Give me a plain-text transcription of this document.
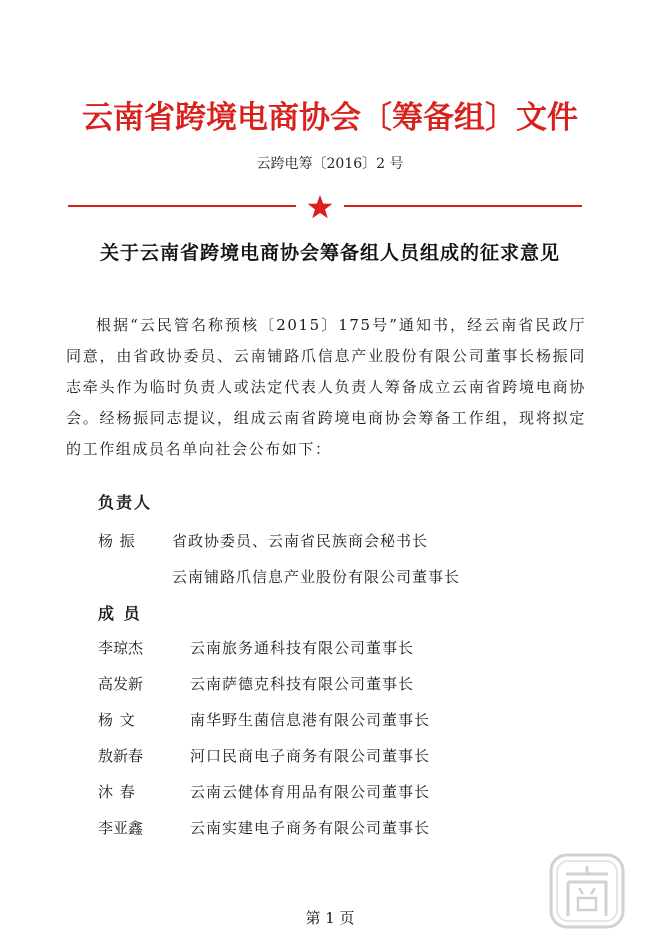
云南省跨境电商协会〔筹备组〕文件
云跨电筹〔2016〕2 号
关于云南省跨境电商协会筹备组人员组成的征求意见
根据“云民管名称预核〔2015〕175号”通知书，经云南省民政厅同意，由省政协委员、云南铺路爪信息产业股份有限公司董事长杨振同志牵头作为临时负责人或法定代表人负责人筹备成立云南省跨境电商协会。经杨振同志提议，组成云南省跨境电商协会筹备工作组，现将拟定的工作组成员名单向社会公布如下：
负责人
杨 振	省政协委员、云南省民族商会秘书长
云南铺路爪信息产业股份有限公司董事长
成 员
李琼杰	云南旅务通科技有限公司董事长
高发新	云南萨德克科技有限公司董事长
杨 文	南华野生菌信息港有限公司董事长
敖新春	河口民商电子商务有限公司董事长
沐 春	云南云健体育用品有限公司董事长
李亚鑫	云南实建电子商务有限公司董事长
第 1 页
